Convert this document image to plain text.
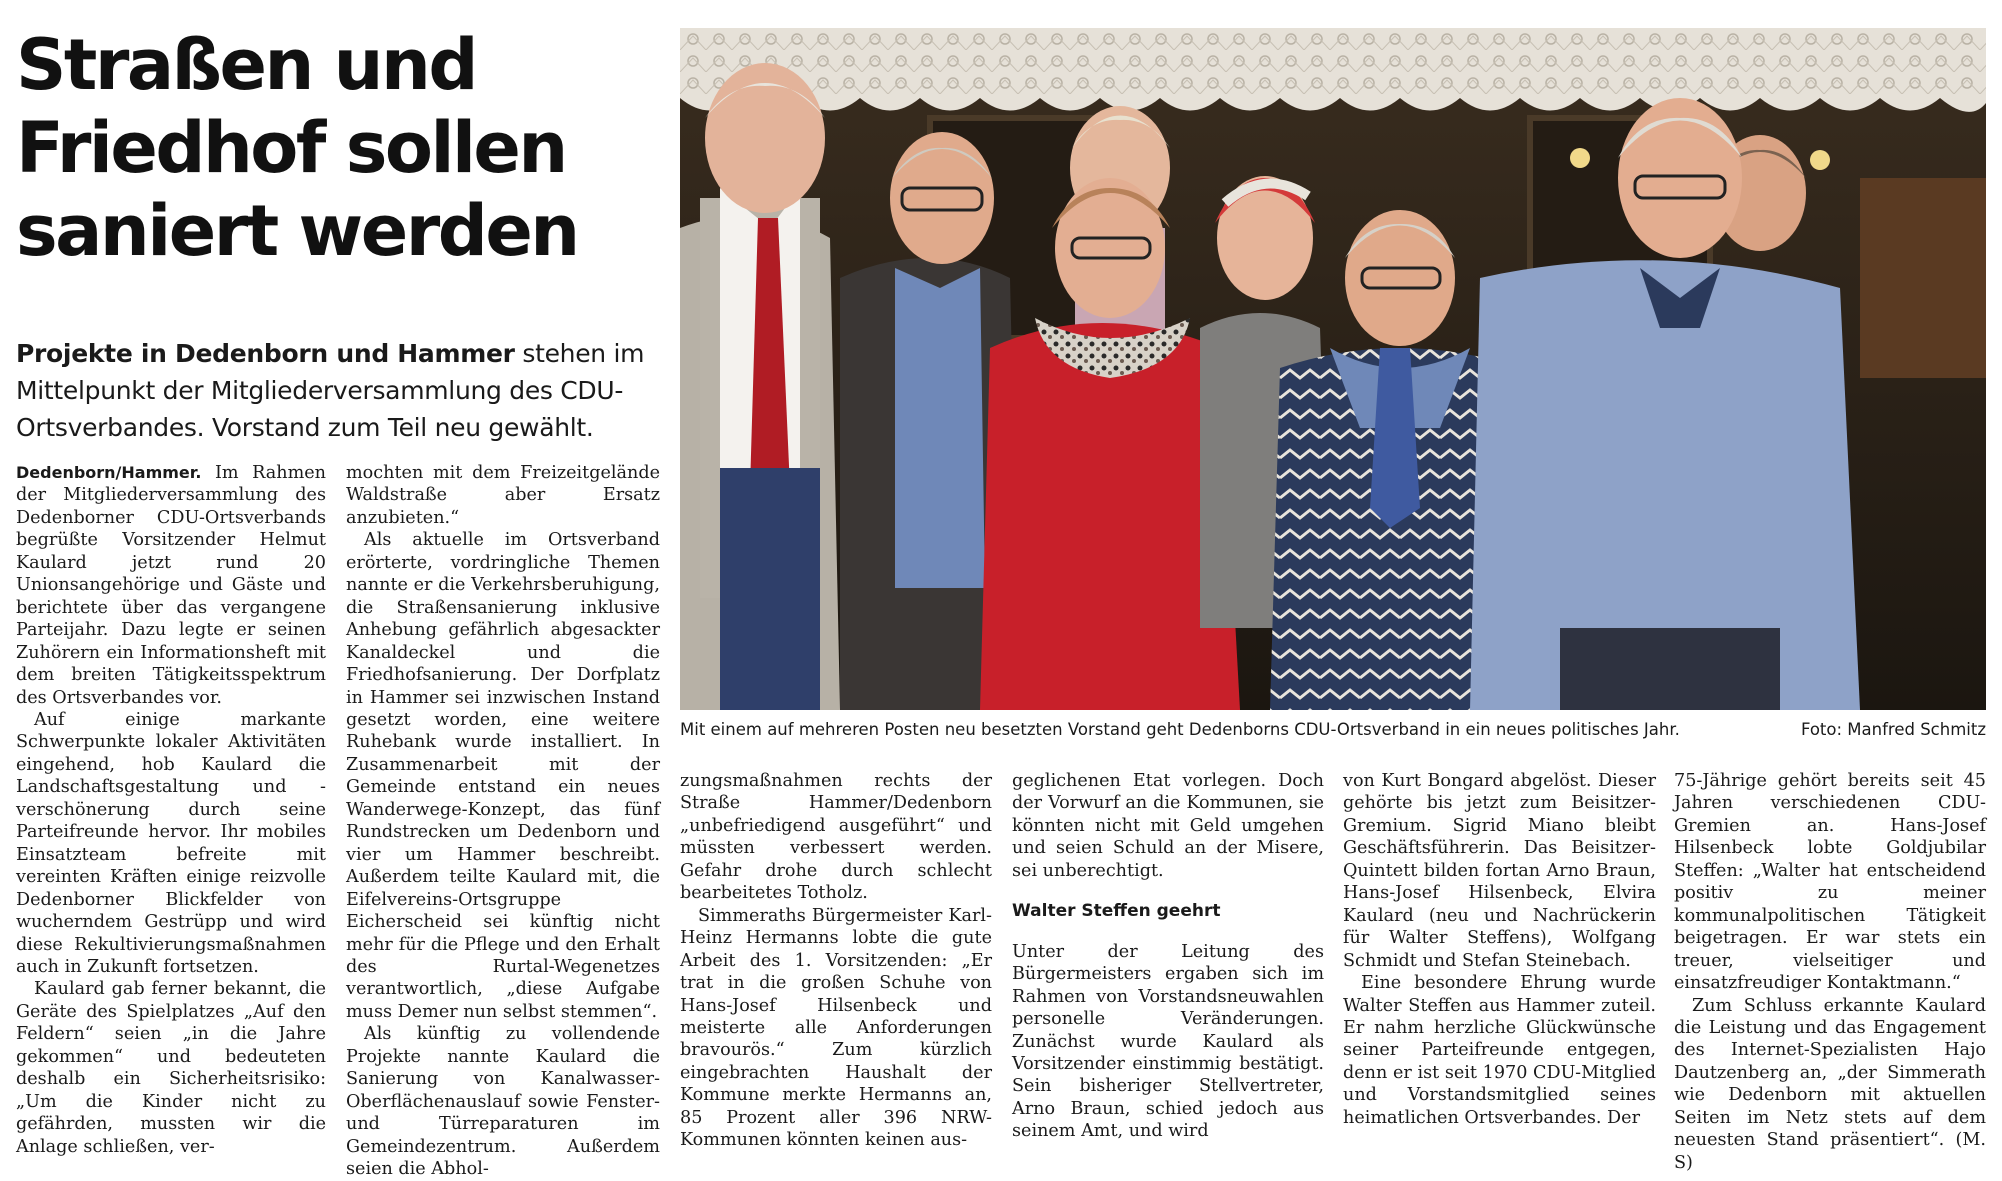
Straßen und
Friedhof sollen
saniert werden
Projekte in Dedenborn und Hammer stehen im Mittelpunkt der Mitgliederversammlung des CDU-Ortsverbandes. Vorstand zum Teil neu gewählt.

Dedenborn/Hammer. Im Rahmen der Mitgliederversammlung des Dedenborner CDU-Ortsverbands begrüßte Vorsitzender Helmut Kaulard jetzt rund 20 Unionsangehörige und Gäste und berichtete über das vergangene Parteijahr. Dazu legte er seinen Zuhörern ein Informationsheft mit dem breiten Tätigkeitsspektrum des Ortsverbandes vor.

Auf einige markante Schwerpunkte lokaler Aktivitäten eingehend, hob Kaulard die Landschaftsgestaltung und -verschönerung durch seine Parteifreunde hervor. Ihr mobiles Einsatzteam befreite mit vereinten Kräften einige reizvolle Dedenborner Blickfelder von wucherndem Gestrüpp und wird diese Rekultivierungsmaßnahmen auch in Zukunft fortsetzen.

Kaulard gab ferner bekannt, die Geräte des Spielplatzes „Auf den Feldern“ seien „in die Jahre gekommen“ und bedeuteten deshalb ein Sicherheitsrisiko: „Um die Kinder nicht zu gefährden, mussten wir die Anlage schließen, ver-

mochten mit dem Freizeitgelände Waldstraße aber Ersatz anzubieten.“

Als aktuelle im Ortsverband erörterte, vordringliche Themen nannte er die Verkehrsberuhigung, die Straßensanierung inklusive Anhebung gefährlich abgesackter Kanaldeckel und die Friedhofsanierung. Der Dorfplatz in Hammer sei inzwischen Instand gesetzt worden, eine weitere Ruhebank wurde installiert. In Zusammenarbeit mit der Gemeinde entstand ein neues Wanderwege-Konzept, das fünf Rundstrecken um Dedenborn und vier um Hammer beschreibt. Außerdem teilte Kaulard mit, die Eifelvereins-Ortsgruppe Eicherscheid sei künftig nicht mehr für die Pflege und den Erhalt des Rurtal-Wegenetzes verantwortlich, „diese Aufgabe muss Demer nun selbst stemmen“.

Als künftig zu vollendende Projekte nannte Kaulard die Sanierung von Kanalwasser-Oberflächenauslauf sowie Fenster- und Türreparaturen im Gemeindezentrum. Außerdem seien die Abhol-

zungsmaßnahmen rechts der Straße Hammer/Dedenborn „unbefriedigend ausgeführt“ und müssten verbessert werden. Gefahr drohe durch schlecht bearbeitetes Totholz.

Simmeraths Bürgermeister Karl-Heinz Hermanns lobte die gute Arbeit des 1. Vorsitzenden: „Er trat in die großen Schuhe von Hans-Josef Hilsenbeck und meisterte alle Anforderungen bravourös.“ Zum kürzlich eingebrachten Haushalt der Kommune merkte Hermanns an, 85 Prozent aller 396 NRW-Kommunen könnten keinen aus-

geglichenen Etat vorlegen. Doch der Vorwurf an die Kommunen, sie könnten nicht mit Geld umgehen und seien Schuld an der Misere, sei unberechtigt.

Walter Steffen geehrt

Unter der Leitung des Bürgermeisters ergaben sich im Rahmen von Vorstandsneuwahlen personelle Veränderungen. Zunächst wurde Kaulard als Vorsitzender einstimmig bestätigt. Sein bisheriger Stellvertreter, Arno Braun, schied jedoch aus seinem Amt, und wird

von Kurt Bongard abgelöst. Dieser gehörte bis jetzt zum Beisitzer-Gremium. Sigrid Miano bleibt Geschäftsführerin. Das Beisitzer-Quintett bilden fortan Arno Braun, Hans-Josef Hilsenbeck, Elvira Kaulard (neu und Nachrückerin für Walter Steffens), Wolfgang Schmidt und Stefan Steinebach.

Eine besondere Ehrung wurde Walter Steffen aus Hammer zuteil. Er nahm herzliche Glückwünsche seiner Parteifreunde entgegen, denn er ist seit 1970 CDU-Mitglied und Vorstandsmitglied seines heimatlichen Ortsverbandes. Der

75-Jährige gehört bereits seit 45 Jahren verschiedenen CDU-Gremien an. Hans-Josef Hilsenbeck lobte Goldjubilar Steffen: „Walter hat entscheidend positiv zu meiner kommunalpolitischen Tätigkeit beigetragen. Er war stets ein treuer, vielseitiger und einsatzfreudiger Kontaktmann.“

Zum Schluss erkannte Kaulard die Leistung und das Engagement des Internet-Spezialisten Hajo Dautzenberg an, „der Simmerath wie Dedenborn mit aktuellen Seiten im Netz stets auf dem neuesten Stand präsentiert“. (M. S)

Mit einem auf mehreren Posten neu besetzten Vorstand geht Dedenborns CDU-Ortsverband in ein neues politisches Jahr.	Foto: Manfred Schmitz
